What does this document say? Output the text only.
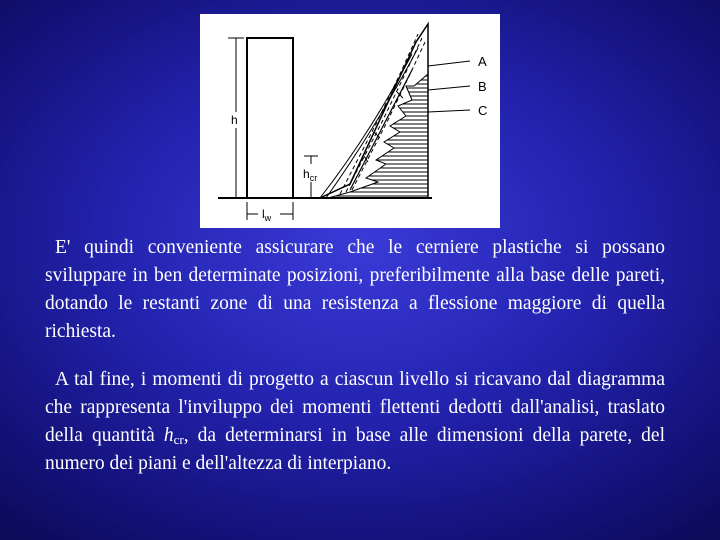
h
$l_w$
$h_{cr}$
A
B
C

E' quindi conveniente assicurare che le cerniere plastiche si possano sviluppare in ben determinate posizioni, preferibilmente alla base delle pareti, dotando le restanti zone di una resistenza a flessione maggiore di quella richiesta.

A tal fine, i momenti di progetto a ciascun livello si ricavano dal diagramma che rappresenta l'inviluppo dei momenti flettenti dedotti dall'analisi, traslato della quantità $h_{cr}$, da determinarsi in base alle dimensioni della parete, del numero dei piani e dell'altezza di interpiano.
